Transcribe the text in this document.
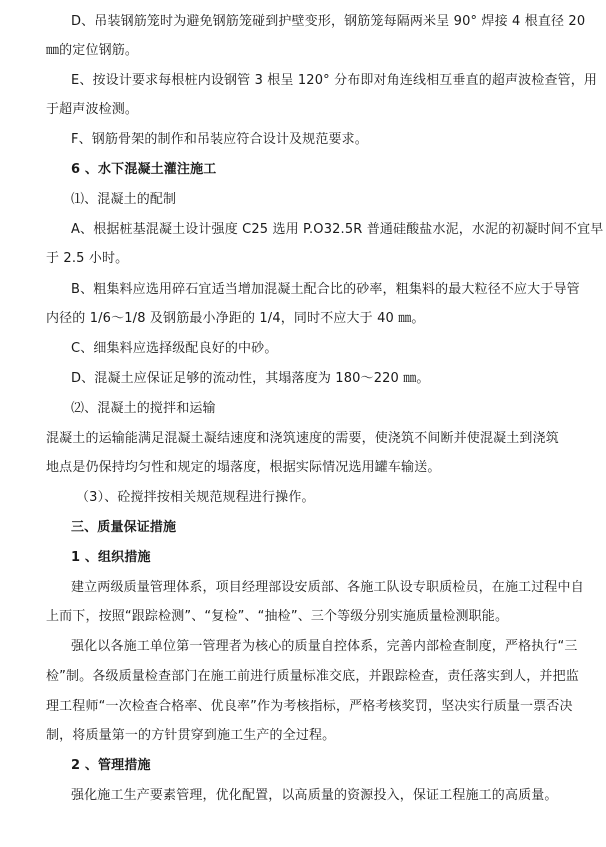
D、吊装钢筋笼时为避免钢筋笼碰到护壁变形，钢筋笼每隔两米呈 90° 焊接 4 根直径 20
㎜的定位钢筋。
E、按设计要求每根桩内设钢管 3 根呈 120° 分布即对角连线相互垂直的超声波检查管，用
于超声波检测。
F、钢筋骨架的制作和吊装应符合设计及规范要求。
6 、水下混凝土灌注施工
⑴、混凝土的配制
A、根据桩基混凝土设计强度 C25 选用 P.O32.5R 普通硅酸盐水泥，水泥的初凝时间不宜早
于 2.5 小时。
B、粗集料应选用碎石宜适当增加混凝土配合比的砂率，粗集料的最大粒径不应大于导管
内径的 1/6～1/8 及钢筋最小净距的 1/4，同时不应大于 40 ㎜。
C、细集料应选择级配良好的中砂。
D、混凝土应保证足够的流动性，其塌落度为 180～220 ㎜。
⑵、混凝土的搅拌和运输
混凝土的运输能满足混凝土凝结速度和浇筑速度的需要，使浇筑不间断并使混凝土到浇筑
地点是仍保持均匀性和规定的塌落度，根据实际情况选用罐车输送。
（3）、砼搅拌按相关规范规程进行操作。
三、质量保证措施
1 、组织措施
建立两级质量管理体系，项目经理部设安质部、各施工队设专职质检员，在施工过程中自
上而下，按照“跟踪检测”、“复检”、“抽检”、三个等级分别实施质量检测职能。
强化以各施工单位第一管理者为核心的质量自控体系，完善内部检查制度，严格执行“三
检”制。各级质量检查部门在施工前进行质量标准交底，并跟踪检查，责任落实到人，并把监
理工程师“一次检查合格率、优良率”作为考核指标，严格考核奖罚，坚决实行质量一票否决
制，将质量第一的方针贯穿到施工生产的全过程。
2 、管理措施
强化施工生产要素管理，优化配置，以高质量的资源投入，保证工程施工的高质量。
